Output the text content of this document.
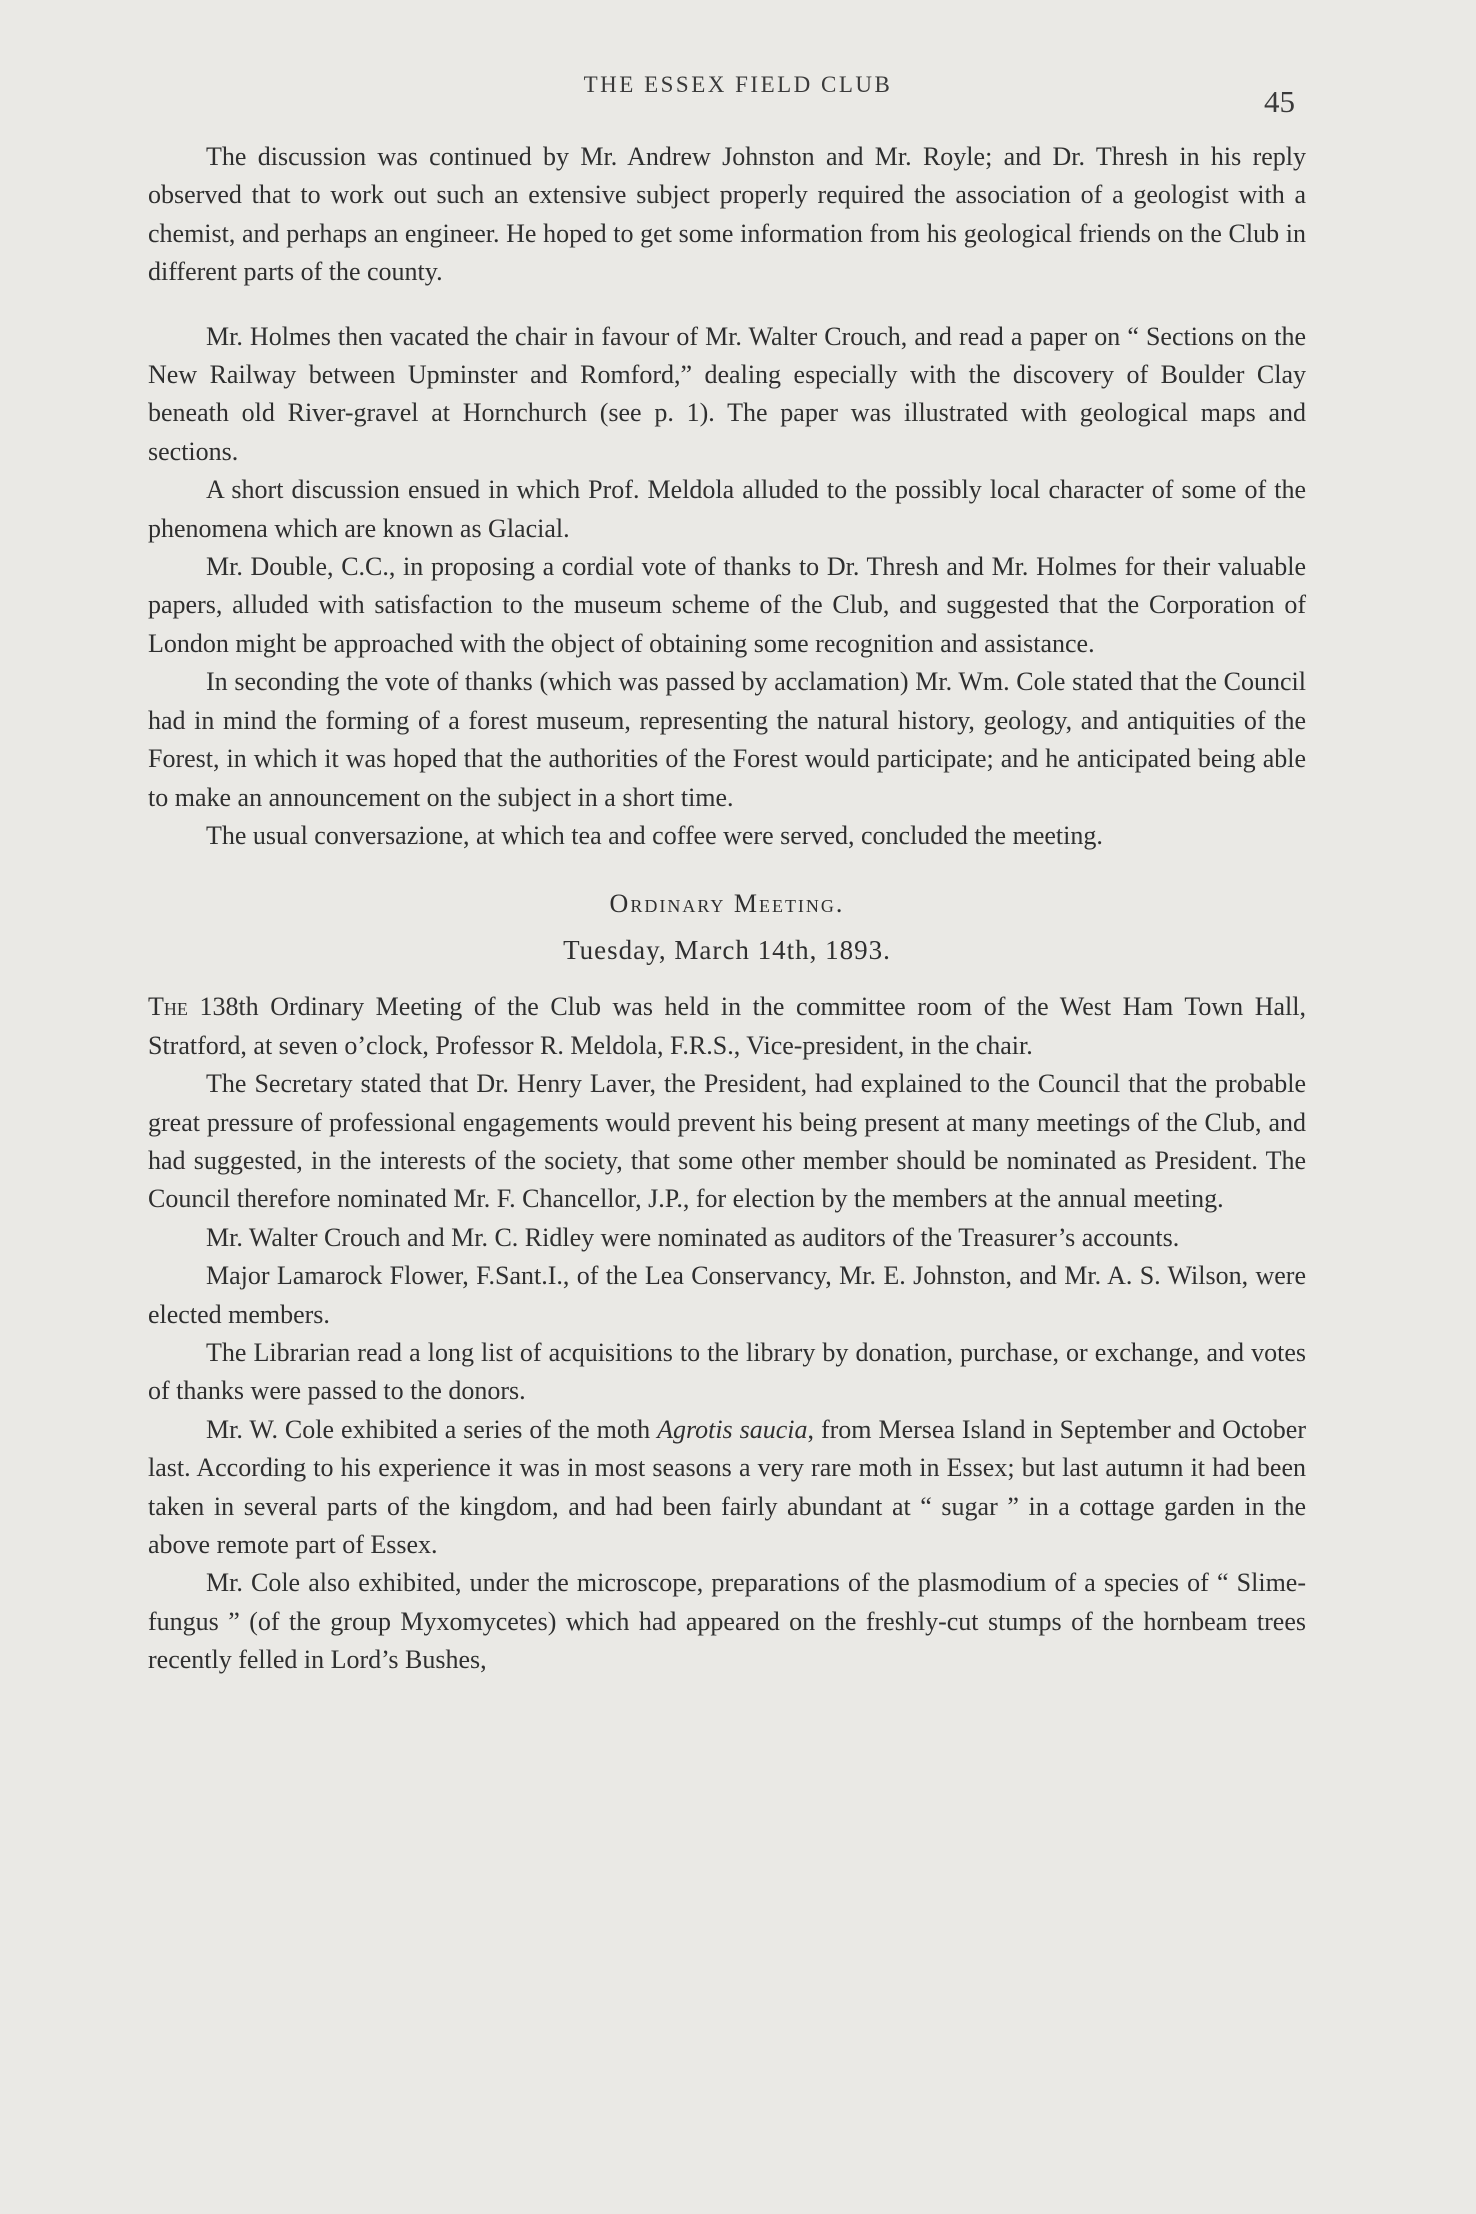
THE ESSEX FIELD CLUB	45

The discussion was continued by Mr. Andrew Johnston and Mr. Royle; and Dr. Thresh in his reply observed that to work out such an extensive subject properly required the association of a geologist with a chemist, and perhaps an engineer. He hoped to get some information from his geological friends on the Club in different parts of the county.

Mr. Holmes then vacated the chair in favour of Mr. Walter Crouch, and read a paper on “ Sections on the New Railway between Upminster and Romford,” dealing especially with the discovery of Boulder Clay beneath old River-gravel at Hornchurch (see p. 1). The paper was illustrated with geological maps and sections.

A short discussion ensued in which Prof. Meldola alluded to the possibly local character of some of the phenomena which are known as Glacial.

Mr. Double, C.C., in proposing a cordial vote of thanks to Dr. Thresh and Mr. Holmes for their valuable papers, alluded with satisfaction to the museum scheme of the Club, and suggested that the Corporation of London might be approached with the object of obtaining some recognition and assistance.

In seconding the vote of thanks (which was passed by acclamation) Mr. Wm. Cole stated that the Council had in mind the forming of a forest museum, representing the natural history, geology, and antiquities of the Forest, in which it was hoped that the authorities of the Forest would participate; and he anticipated being able to make an announcement on the subject in a short time.

The usual conversazione, at which tea and coffee were served, concluded the meeting.

Ordinary Meeting.
Tuesday, March 14th, 1893.

The 138th Ordinary Meeting of the Club was held in the committee room of the West Ham Town Hall, Stratford, at seven o’clock, Professor R. Meldola, F.R.S., Vice-president, in the chair.

The Secretary stated that Dr. Henry Laver, the President, had explained to the Council that the probable great pressure of professional engagements would prevent his being present at many meetings of the Club, and had suggested, in the interests of the society, that some other member should be nominated as President. The Council therefore nominated Mr. F. Chancellor, J.P., for election by the members at the annual meeting.

Mr. Walter Crouch and Mr. C. Ridley were nominated as auditors of the Treasurer’s accounts.

Major Lamarock Flower, F.Sant.I., of the Lea Conservancy, Mr. E. Johnston, and Mr. A. S. Wilson, were elected members.

The Librarian read a long list of acquisitions to the library by donation, purchase, or exchange, and votes of thanks were passed to the donors.

Mr. W. Cole exhibited a series of the moth Agrotis saucia, from Mersea Island in September and October last. According to his experience it was in most seasons a very rare moth in Essex; but last autumn it had been taken in several parts of the kingdom, and had been fairly abundant at “ sugar ” in a cottage garden in the above remote part of Essex.

Mr. Cole also exhibited, under the microscope, preparations of the plasmodium of a species of “ Slime-fungus ” (of the group Myxomycetes) which had appeared on the freshly-cut stumps of the hornbeam trees recently felled in Lord’s Bushes,
